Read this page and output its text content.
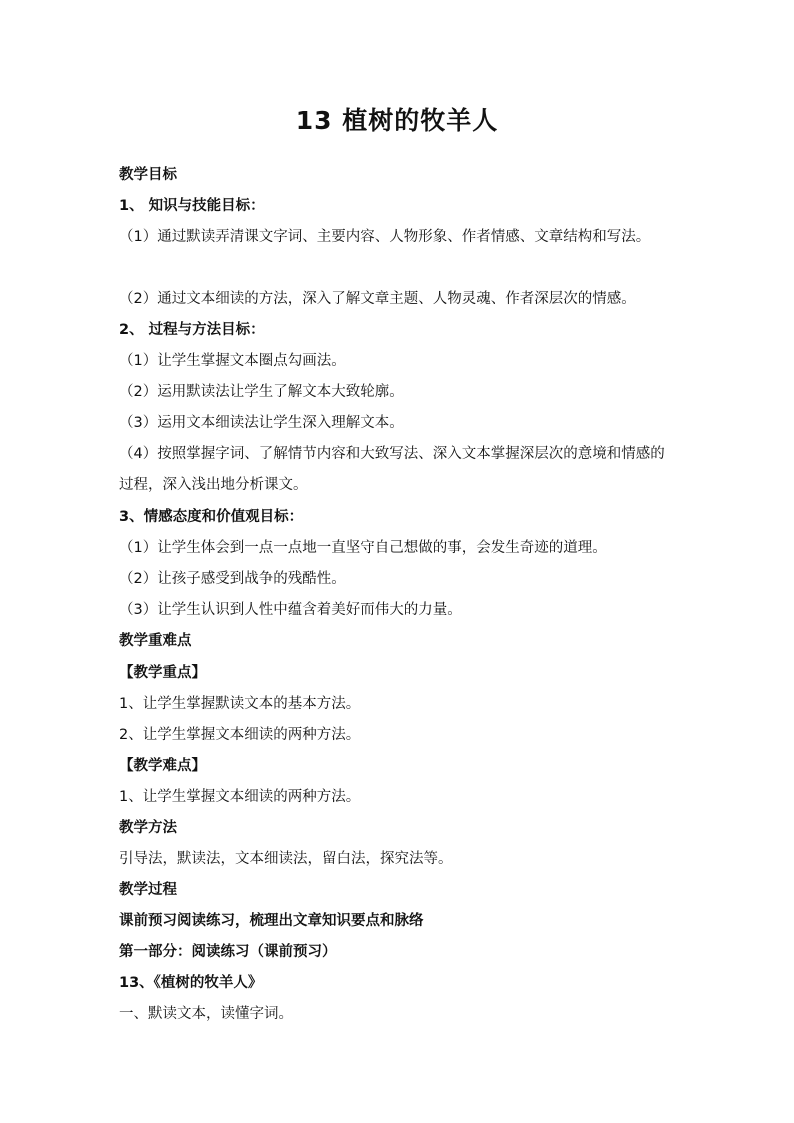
13 植树的牧羊人
教学目标
1、 知识与技能目标：
（1）通过默读弄清课文字词、主要内容、人物形象、作者情感、文章结构和写法。
（2）通过文本细读的方法，深入了解文章主题、人物灵魂、作者深层次的情感。
2、 过程与方法目标：
（1）让学生掌握文本圈点勾画法。
（2）运用默读法让学生了解文本大致轮廓。
（3）运用文本细读法让学生深入理解文本。
（4）按照掌握字词、了解情节内容和大致写法、深入文本掌握深层次的意境和情感的过程，深入浅出地分析课文。
3、情感态度和价值观目标：
（1）让学生体会到一点一点地一直坚守自己想做的事，会发生奇迹的道理。
（2）让孩子感受到战争的残酷性。
（3）让学生认识到人性中蕴含着美好而伟大的力量。
教学重难点
【教学重点】
1、让学生掌握默读文本的基本方法。
2、让学生掌握文本细读的两种方法。
【教学难点】
1、让学生掌握文本细读的两种方法。
教学方法
引导法，默读法，文本细读法，留白法，探究法等。
教学过程
课前预习阅读练习，梳理出文章知识要点和脉络
第一部分：阅读练习（课前预习）
13、《植树的牧羊人》
一、默读文本，读懂字词。
